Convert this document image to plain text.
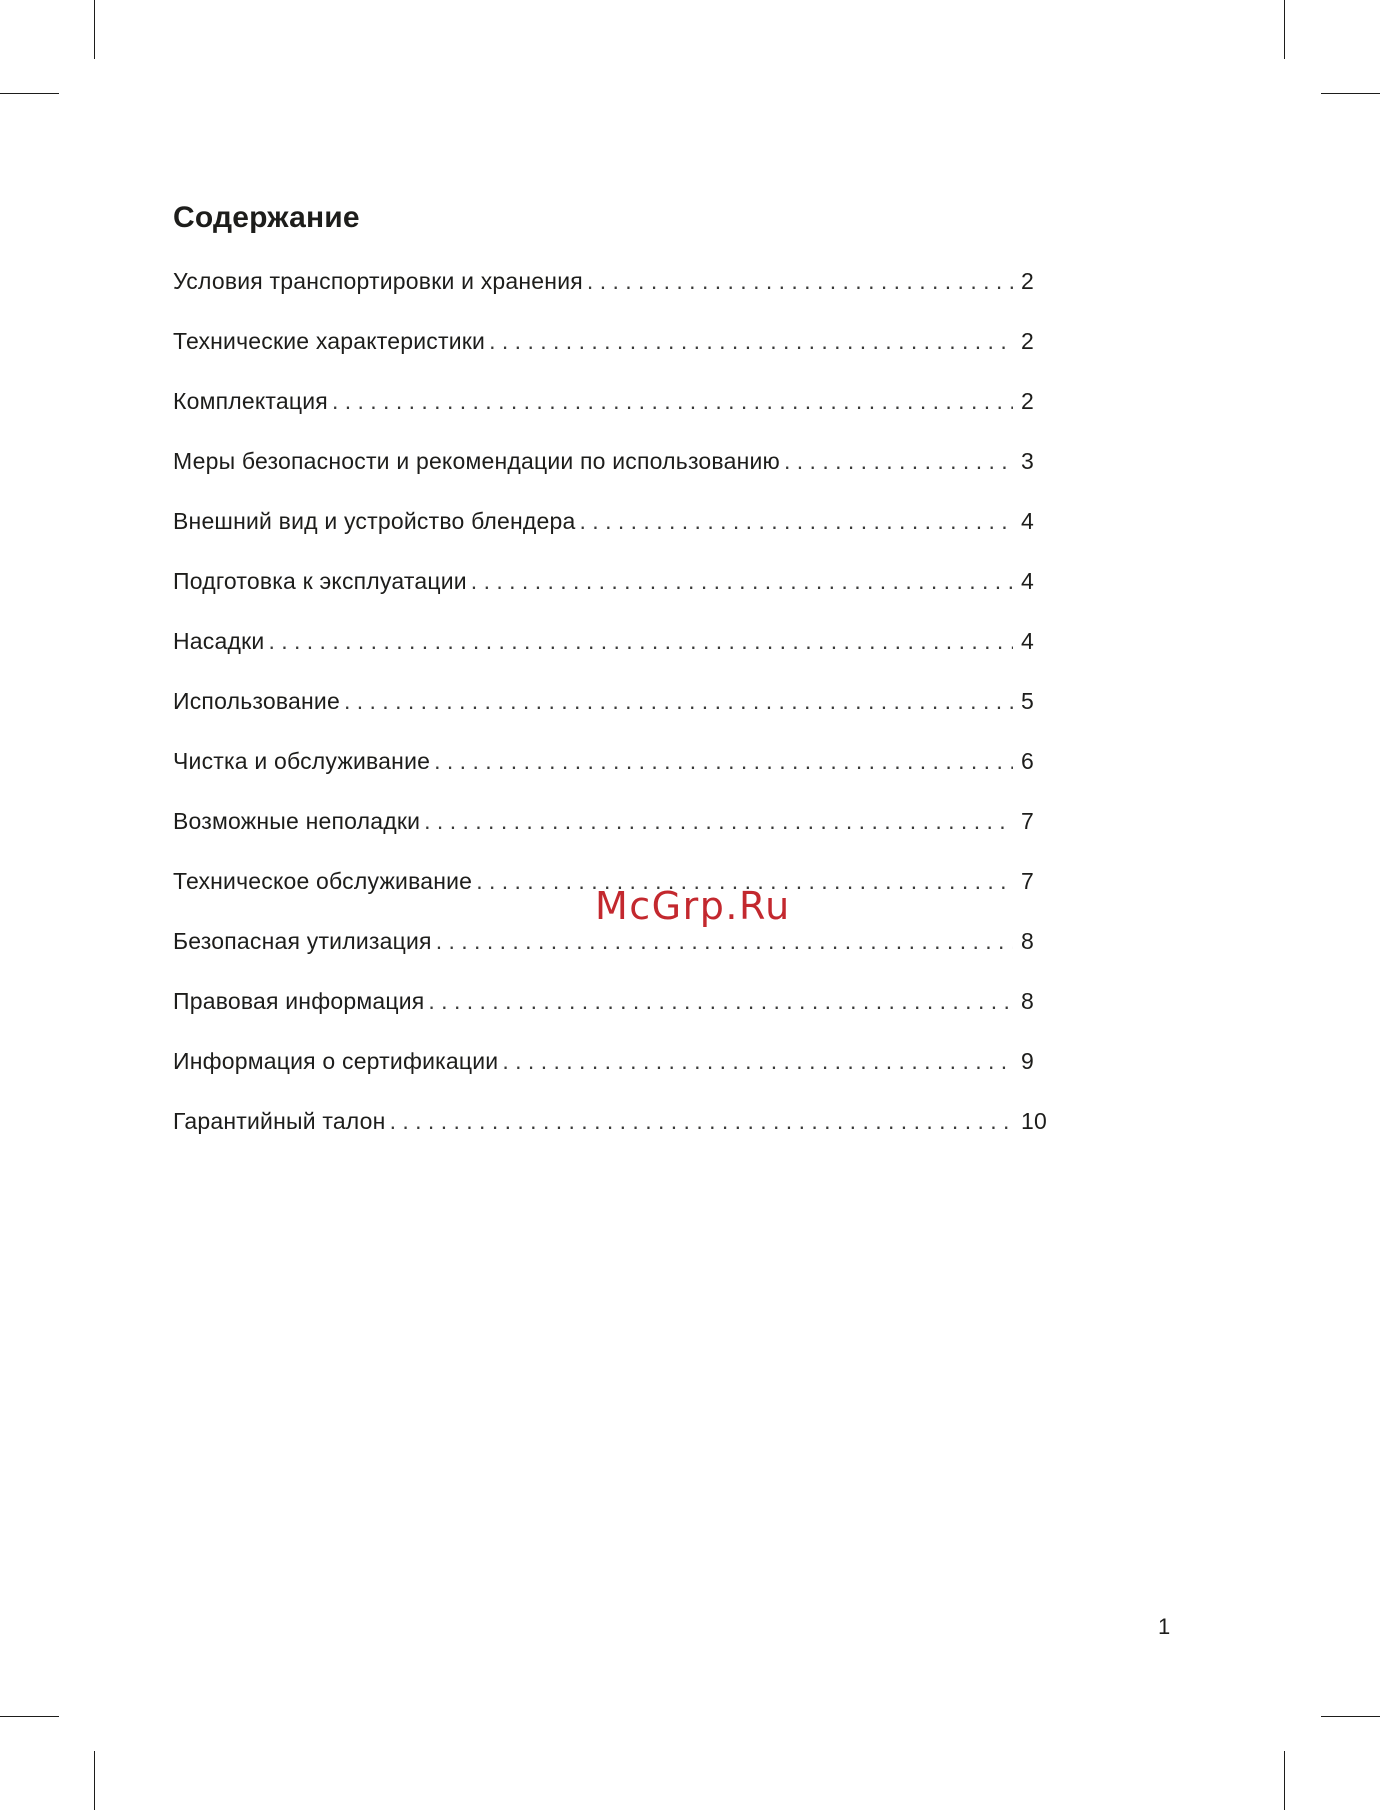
Содержание
Условия транспортировки и хранения . . .	2
Технические характеристики . . .	2
Комплектация . . .	2
Меры безопасности и рекомендации по использованию . . .	3
Внешний вид и устройство блендера . . .	4
Подготовка к эксплуатации . . .	4
Насадки . . .	4
Использование . . .	5
Чистка и обслуживание . . .	6
Возможные неполадки . . .	7
Техническое обслуживание . . .	7
Безопасная утилизация . . .	8
Правовая информация . . .	8
Информация о сертификации . . .	9
Гарантийный талон . . .	10
McGrp.Ru
1
